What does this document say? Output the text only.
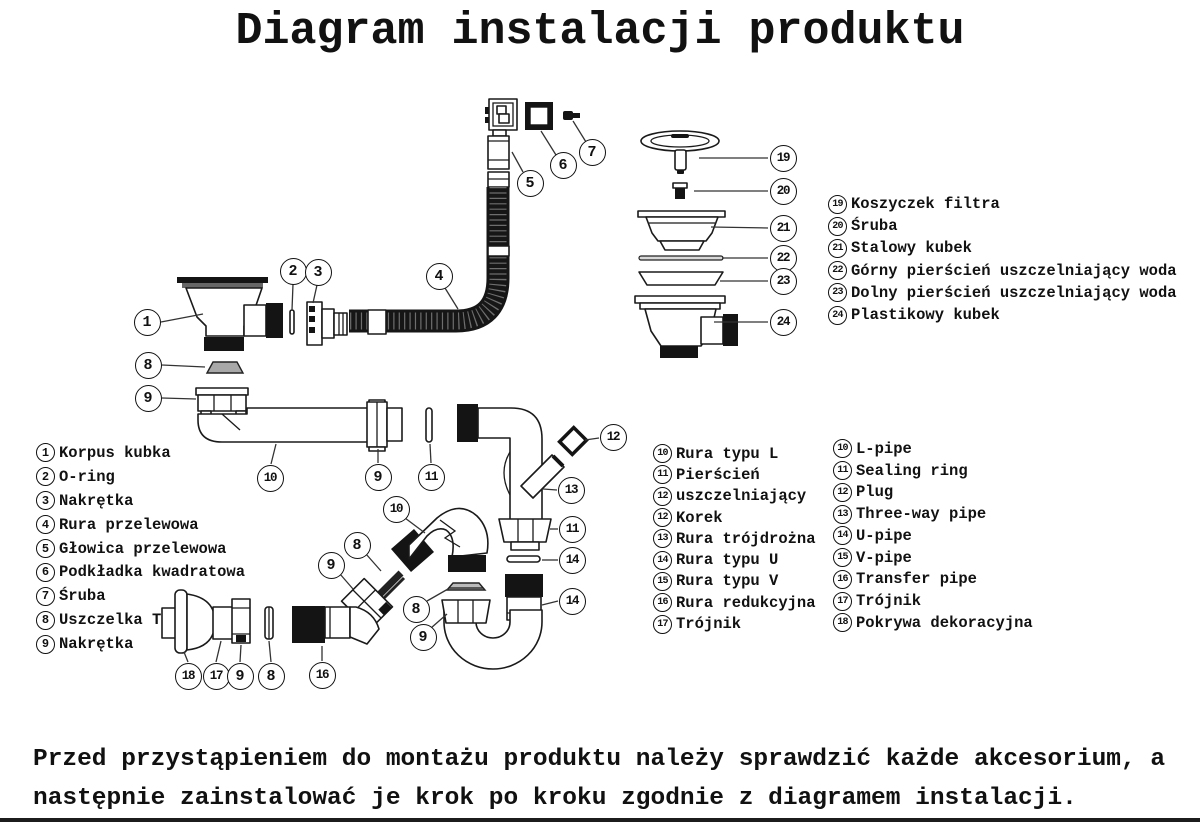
Diagram instalacji produktu
5
6
7
4
1
2	3
8
9
10	9	11
12
13
11
14
14
10
8
9
8
9
16
18	17 9	8
19
20
21
22
23
24
19 Koszyczek filtra
20 Śruba
21 Stalowy kubek
22 Górny pierścień uszczelniający woda
23 Dolny pierścień uszczelniający woda
24 Plastikowy kubek
1 Korpus kubka
2 O-ring
3 Nakrętka
4 Rura przelewowa
5 Głowica przelewowa
6 Podkładka kwadratowa
7 Śruba
8 Uszczelka T
9 Nakrętka
10 Rura typu L
11 Pierścień
12 uszczelniający
12 Korek
13 Rura trójdrożna
14 Rura typu U
15 Rura typu V
16 Rura redukcyjna
17 Trójnik
10 L-pipe
11 Sealing ring
12 Plug
13 Three-way pipe
14 U-pipe
15 V-pipe
16 Transfer pipe
17 Trójnik
18 Pokrywa dekoracyjna
Przed przystąpieniem do montażu produktu należy sprawdzić każde akcesorium, a
następnie zainstalować je krok po kroku zgodnie z diagramem instalacji.
